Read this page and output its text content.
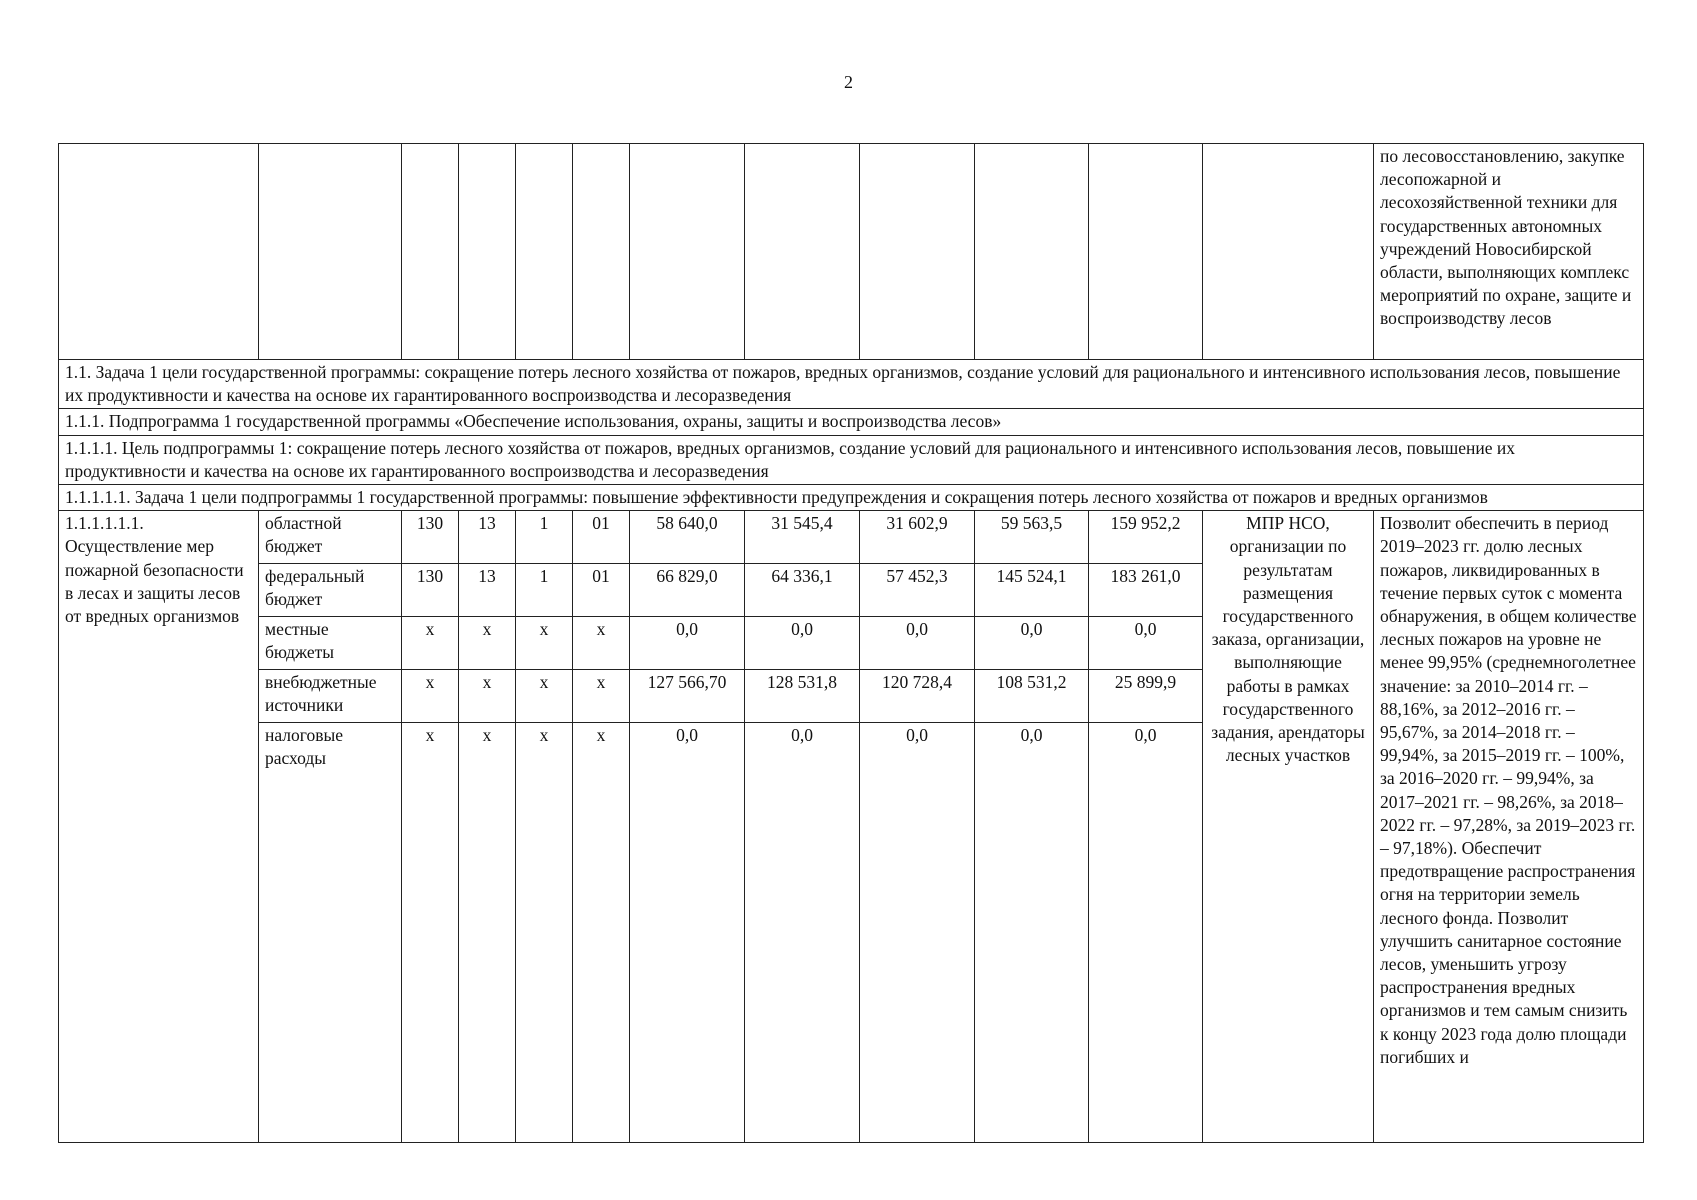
2
												по лесовосстановлению, закупке лесопожарной и лесохозяйственной техники для государственных автономных учреждений Новосибирской области, выполняющих комплекс мероприятий по охране, защите и воспроизводству лесов
1.1. Задача 1 цели государственной программы: сокращение потерь лесного хозяйства от пожаров, вредных организмов, создание условий для рационального и интенсивного использования лесов, повышение их продуктивности и качества на основе их гарантированного воспроизводства и лесоразведения												
1.1.1. Подпрограмма 1 государственной программы «Обеспечение использования, охраны, защиты и воспроизводства лесов»												
1.1.1.1. Цель подпрограммы 1: сокращение потерь лесного хозяйства от пожаров, вредных организмов, создание условий для рационального и интенсивного использования лесов, повышение их продуктивности и качества на основе их гарантированного воспроизводства и лесоразведения												
1.1.1.1.1. Задача 1 цели подпрограммы 1 государственной программы: повышение эффективности предупреждения и сокращения потерь лесного хозяйства от пожаров и вредных организмов												
1.1.1.1.1.1. Осуществление мер пожарной безопасности в лесах и защиты лесов от вредных организмов	областной бюджет	130	13	1	01	58 640,0	31 545,4	31 602,9	59 563,5	159 952,2	МПР НСО, организации по результатам размещения государственного заказа, организации, выполняющие работы в рамках государственного задания, арендаторы лесных участков	Позволит обеспечить в период 2019–2023 гг. долю лесных пожаров, ликвидированных в течение первых суток с момента обнаружения, в общем количестве лесных пожаров на уровне не менее 99,95% (среднемноголетнее значение: за 2010–2014 гг. – 88,16%, за 2012–2016 гг. – 95,67%, за 2014–2018 гг. – 99,94%, за 2015–2019 гг. – 100%, за 2016–2020 гг. – 99,94%, за 2017–2021 гг. – 98,26%, за 2018–2022 гг. – 97,28%, за 2019–2023 гг. – 97,18%). Обеспечит предотвращение распространения огня на территории земель лесного фонда. Позволит улучшить санитарное состояние лесов, уменьшить угрозу распространения вредных организмов и тем самым снизить к концу 2023 года долю площади погибших и
	федеральный бюджет	130	13	1	01	66 829,0	64 336,1	57 452,3	145 524,1	183 261,0		
	местные бюджеты	x	x	x	x	0,0	0,0	0,0	0,0	0,0		
	внебюджетные источники	x	x	x	x	127 566,70	128 531,8	120 728,4	108 531,2	25 899,9		
	налоговые расходы	x	x	x	x	0,0	0,0	0,0	0,0	0,0		
